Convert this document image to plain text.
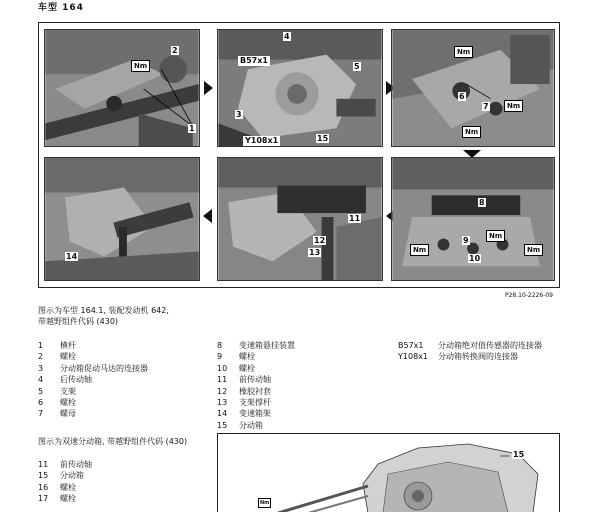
车型 164
2
1
Nm
4
3
5
15
B57x1
Y108x1
Nm
Nm
Nm
6
7
14
11
12
13
8
9
10
Nm
Nm
Nm
P28.10-2226-09
图示为车型 164.1, 装配发动机 642,
带越野组件代码 (430)
1	横杆
2	螺栓
3	分动箱促动马达的连接器
4	后传动轴
5	支架
6	螺栓
7	螺母
8	变速箱悬挂装置
9	螺栓
10	螺栓
11	前传动轴
12	橡胶衬套
13	支架撑杆
14	变速箱架
15	分动箱
B57x1	分动箱绝对值传感器的连接器
Y108x1	分动箱转换阀的连接器
图示为双速分动箱, 带越野组件代码 (430)
11	前传动轴
15	分动箱
16	螺栓
17	螺栓
15
Nm
